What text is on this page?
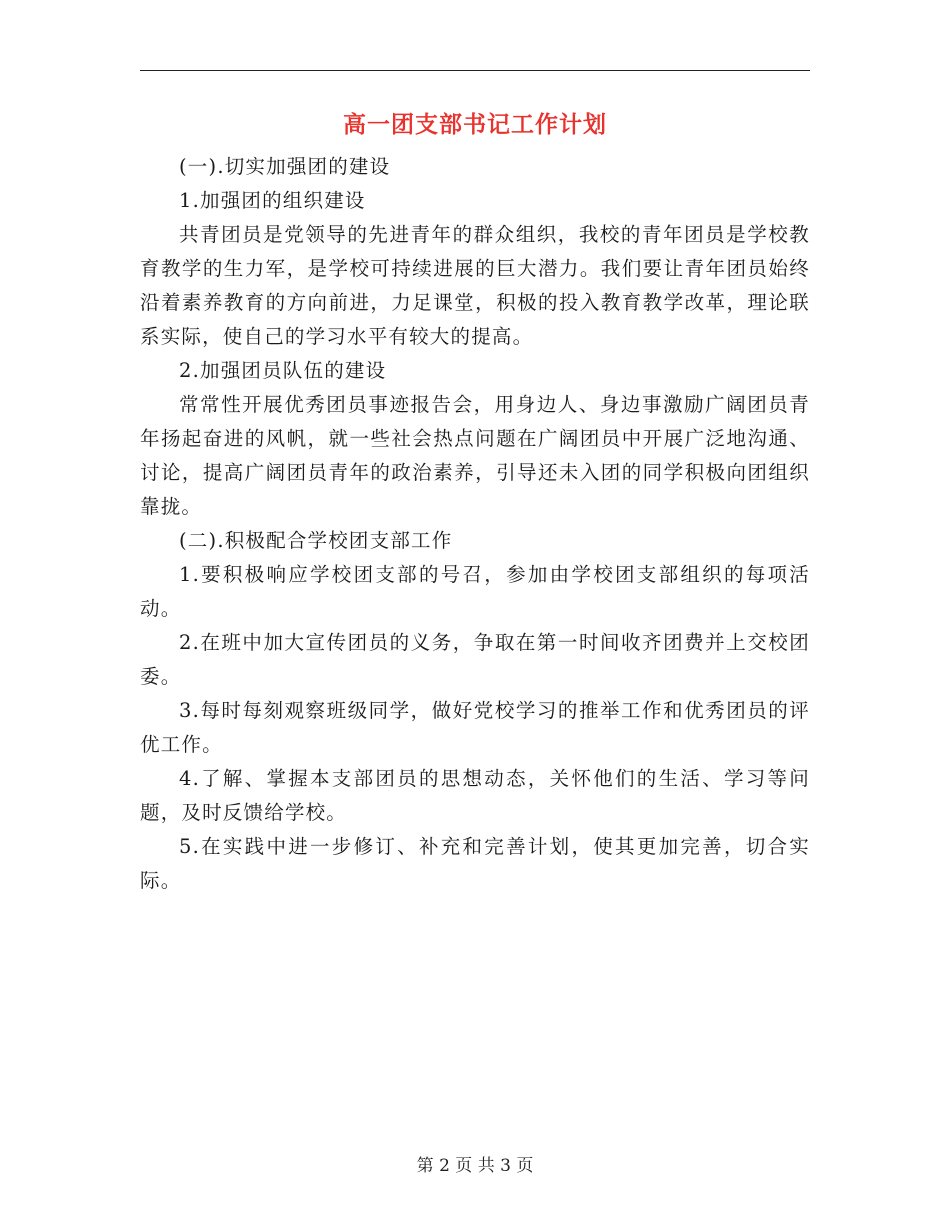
高一团支部书记工作计划

(一).切实加强团的建设

1.加强团的组织建设

共青团员是党领导的先进青年的群众组织，我校的青年团员是学校教育教学的生力军，是学校可持续进展的巨大潜力。我们要让青年团员始终沿着素养教育的方向前进，力足课堂，积极的投入教育教学改革，理论联系实际，使自己的学习水平有较大的提高。

2.加强团员队伍的建设

常常性开展优秀团员事迹报告会，用身边人、身边事激励广阔团员青年扬起奋进的风帆，就一些社会热点问题在广阔团员中开展广泛地沟通、讨论，提高广阔团员青年的政治素养，引导还未入团的同学积极向团组织靠拢。

(二).积极配合学校团支部工作

1.要积极响应学校团支部的号召，参加由学校团支部组织的每项活动。

2.在班中加大宣传团员的义务，争取在第一时间收齐团费并上交校团委。

3.每时每刻观察班级同学，做好党校学习的推举工作和优秀团员的评优工作。

4.了解、掌握本支部团员的思想动态，关怀他们的生活、学习等问题，及时反馈给学校。

5.在实践中进一步修订、补充和完善计划，使其更加完善，切合实际。

第 2 页 共 3 页
